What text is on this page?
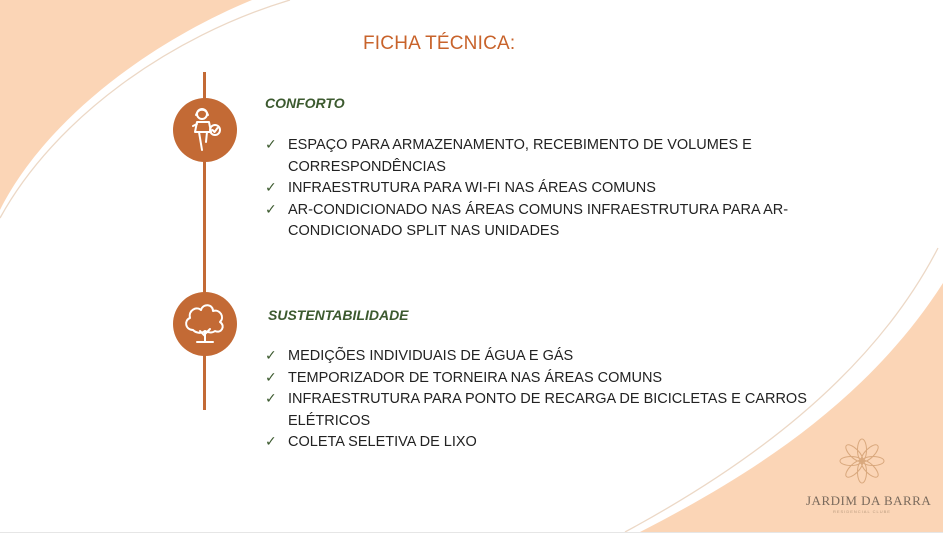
FICHA TÉCNICA:
CONFORTO
✓ ESPAÇO PARA ARMAZENAMENTO, RECEBIMENTO DE VOLUMES E CORRESPONDÊNCIAS
✓ INFRAESTRUTURA PARA WI-FI NAS ÁREAS COMUNS
✓ AR-CONDICIONADO NAS ÁREAS COMUNS INFRAESTRUTURA PARA AR-CONDICIONADO SPLIT NAS UNIDADES
SUSTENTABILIDADE
✓ MEDIÇÕES INDIVIDUAIS DE ÁGUA E GÁS
✓ TEMPORIZADOR DE TORNEIRA NAS ÁREAS COMUNS
✓ INFRAESTRUTURA PARA PONTO DE RECARGA DE BICICLETAS E CARROS ELÉTRICOS
✓ COLETA SELETIVA DE LIXO
JARDIM DA BARRA
RESIDENCIAL CLUBE
